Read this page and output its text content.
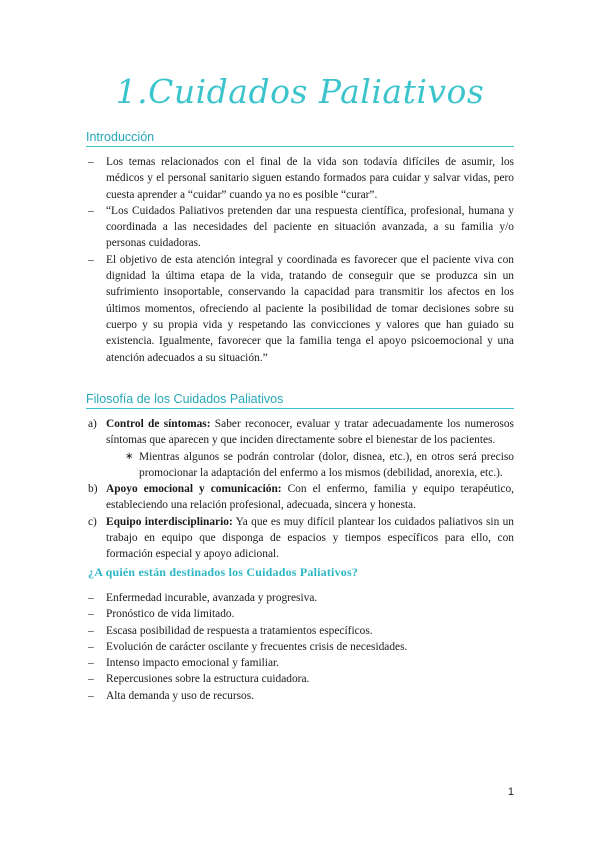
1.Cuidados Paliativos
Introducción
– Los temas relacionados con el final de la vida son todavía difíciles de asumir, los médicos y el personal sanitario siguen estando formados para cuidar y salvar vidas, pero cuesta aprender a “cuidar” cuando ya no es posible “curar”.
– “Los Cuidados Paliativos pretenden dar una respuesta científica, profesional, humana y coordinada a las necesidades del paciente en situación avanzada, a su familia y/o personas cuidadoras.
– El objetivo de esta atención integral y coordinada es favorecer que el paciente viva con dignidad la última etapa de la vida, tratando de conseguir que se produzca sin un sufrimiento insoportable, conservando la capacidad para transmitir los afectos en los últimos momentos, ofreciendo al paciente la posibilidad de tomar decisiones sobre su cuerpo y su propia vida y respetando las convicciones y valores que han guiado su existencia. Igualmente, favorecer que la familia tenga el apoyo psicoemocional y una atención adecuados a su situación.”
Filosofía de los Cuidados Paliativos
a) Control de síntomas: Saber reconocer, evaluar y tratar adecuadamente los numerosos síntomas que aparecen y que inciden directamente sobre el bienestar de los pacientes.
∗ Mientras algunos se podrán controlar (dolor, disnea, etc.), en otros será preciso promocionar la adaptación del enfermo a los mismos (debilidad, anorexia, etc.).
b) Apoyo emocional y comunicación: Con el enfermo, familia y equipo terapéutico, estableciendo una relación profesional, adecuada, sincera y honesta.
c) Equipo interdisciplinario: Ya que es muy difícil plantear los cuidados paliativos sin un trabajo en equipo que disponga de espacios y tiempos específicos para ello, con formación especial y apoyo adicional.
¿A quién están destinados los Cuidados Paliativos?
– Enfermedad incurable, avanzada y progresiva.
– Pronóstico de vida limitado.
– Escasa posibilidad de respuesta a tratamientos específicos.
– Evolución de carácter oscilante y frecuentes crisis de necesidades.
– Intenso impacto emocional y familiar.
– Repercusiones sobre la estructura cuidadora.
– Alta demanda y uso de recursos.
1
